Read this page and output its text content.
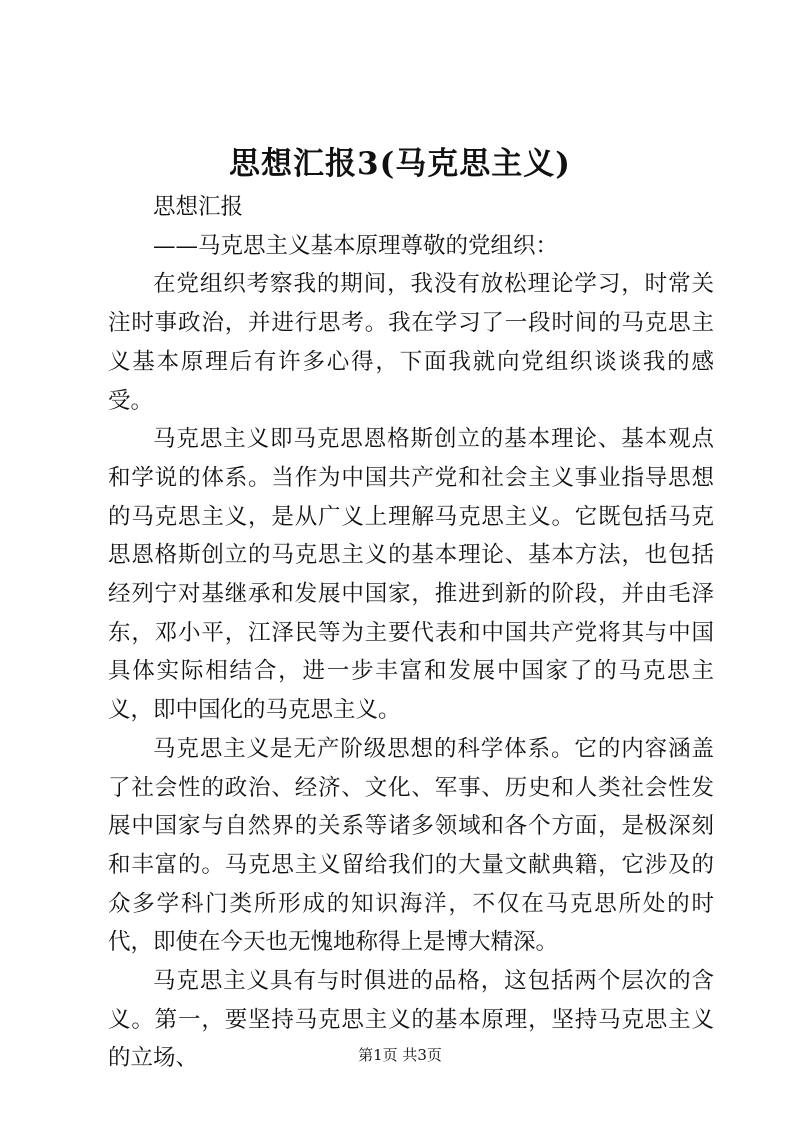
思想汇报3(马克思主义)

思想汇报

——马克思主义基本原理尊敬的党组织：

在党组织考察我的期间，我没有放松理论学习，时常关注时事政治，并进行思考。我在学习了一段时间的马克思主义基本原理后有许多心得，下面我就向党组织谈谈我的感受。

马克思主义即马克思恩格斯创立的基本理论、基本观点和学说的体系。当作为中国共产党和社会主义事业指导思想的马克思主义，是从广义上理解马克思主义。它既包括马克思恩格斯创立的马克思主义的基本理论、基本方法，也包括经列宁对基继承和发展中国家，推进到新的阶段，并由毛泽东，邓小平，江泽民等为主要代表和中国共产党将其与中国具体实际相结合，进一步丰富和发展中国家了的马克思主义，即中国化的马克思主义。

马克思主义是无产阶级思想的科学体系。它的内容涵盖了社会性的政治、经济、文化、军事、历史和人类社会性发展中国家与自然界的关系等诸多领域和各个方面，是极深刻和丰富的。马克思主义留给我们的大量文献典籍，它涉及的众多学科门类所形成的知识海洋，不仅在马克思所处的时代，即使在今天也无愧地称得上是博大精深。

马克思主义具有与时俱进的品格，这包括两个层次的含义。第一，要坚持马克思主义的基本原理，坚持马克思主义的立场、	第1页 共3页
